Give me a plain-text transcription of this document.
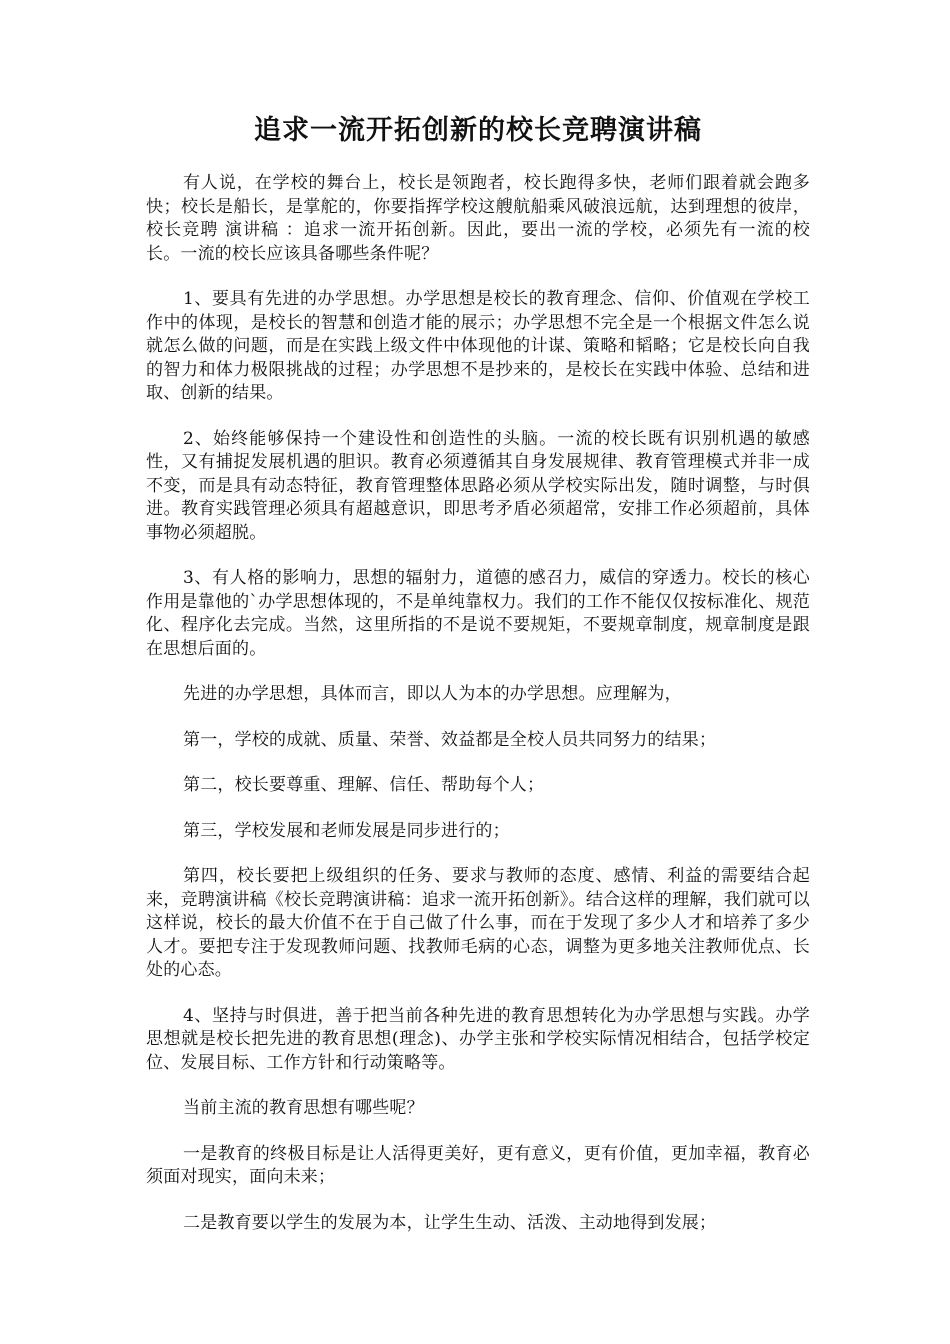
追求一流开拓创新的校长竞聘演讲稿

有人说，在学校的舞台上，校长是领跑者，校长跑得多快，老师们跟着就会跑多快；校长是船长，是掌舵的，你要指挥学校这艘航船乘风破浪远航，达到理想的彼岸，校长竞聘 演讲稿 ：追求一流开拓创新。因此，要出一流的学校，必须先有一流的校长。一流的校长应该具备哪些条件呢？

1、要具有先进的办学思想。办学思想是校长的教育理念、信仰、价值观在学校工作中的体现，是校长的智慧和创造才能的展示；办学思想不完全是一个根据文件怎么说就怎么做的问题，而是在实践上级文件中体现他的计谋、策略和韬略；它是校长向自我的智力和体力极限挑战的过程；办学思想不是抄来的，是校长在实践中体验、总结和进取、创新的结果。

2、始终能够保持一个建设性和创造性的头脑。一流的校长既有识别机遇的敏感性，又有捕捉发展机遇的胆识。教育必须遵循其自身发展规律、教育管理模式并非一成不变，而是具有动态特征，教育管理整体思路必须从学校实际出发，随时调整，与时俱进。教育实践管理必须具有超越意识，即思考矛盾必须超常，安排工作必须超前，具体事物必须超脱。

3、有人格的影响力，思想的辐射力，道德的感召力，威信的穿透力。校长的核心作用是靠他的`办学思想体现的，不是单纯靠权力。我们的工作不能仅仅按标准化、规范化、程序化去完成。当然，这里所指的不是说不要规矩，不要规章制度，规章制度是跟在思想后面的。

先进的办学思想，具体而言，即以人为本的办学思想。应理解为，

第一，学校的成就、质量、荣誉、效益都是全校人员共同努力的结果；

第二，校长要尊重、理解、信任、帮助每个人；

第三，学校发展和老师发展是同步进行的；

第四，校长要把上级组织的任务、要求与教师的态度、感情、利益的需要结合起来，竞聘演讲稿《校长竞聘演讲稿：追求一流开拓创新》。结合这样的理解，我们就可以这样说，校长的最大价值不在于自己做了什么事，而在于发现了多少人才和培养了多少人才。要把专注于发现教师问题、找教师毛病的心态，调整为更多地关注教师优点、长处的心态。

4、坚持与时俱进，善于把当前各种先进的教育思想转化为办学思想与实践。办学思想就是校长把先进的教育思想(理念)、办学主张和学校实际情况相结合，包括学校定位、发展目标、工作方针和行动策略等。

当前主流的教育思想有哪些呢？

一是教育的终极目标是让人活得更美好，更有意义，更有价值，更加幸福，教育必须面对现实，面向未来；

二是教育要以学生的发展为本，让学生生动、活泼、主动地得到发展；
